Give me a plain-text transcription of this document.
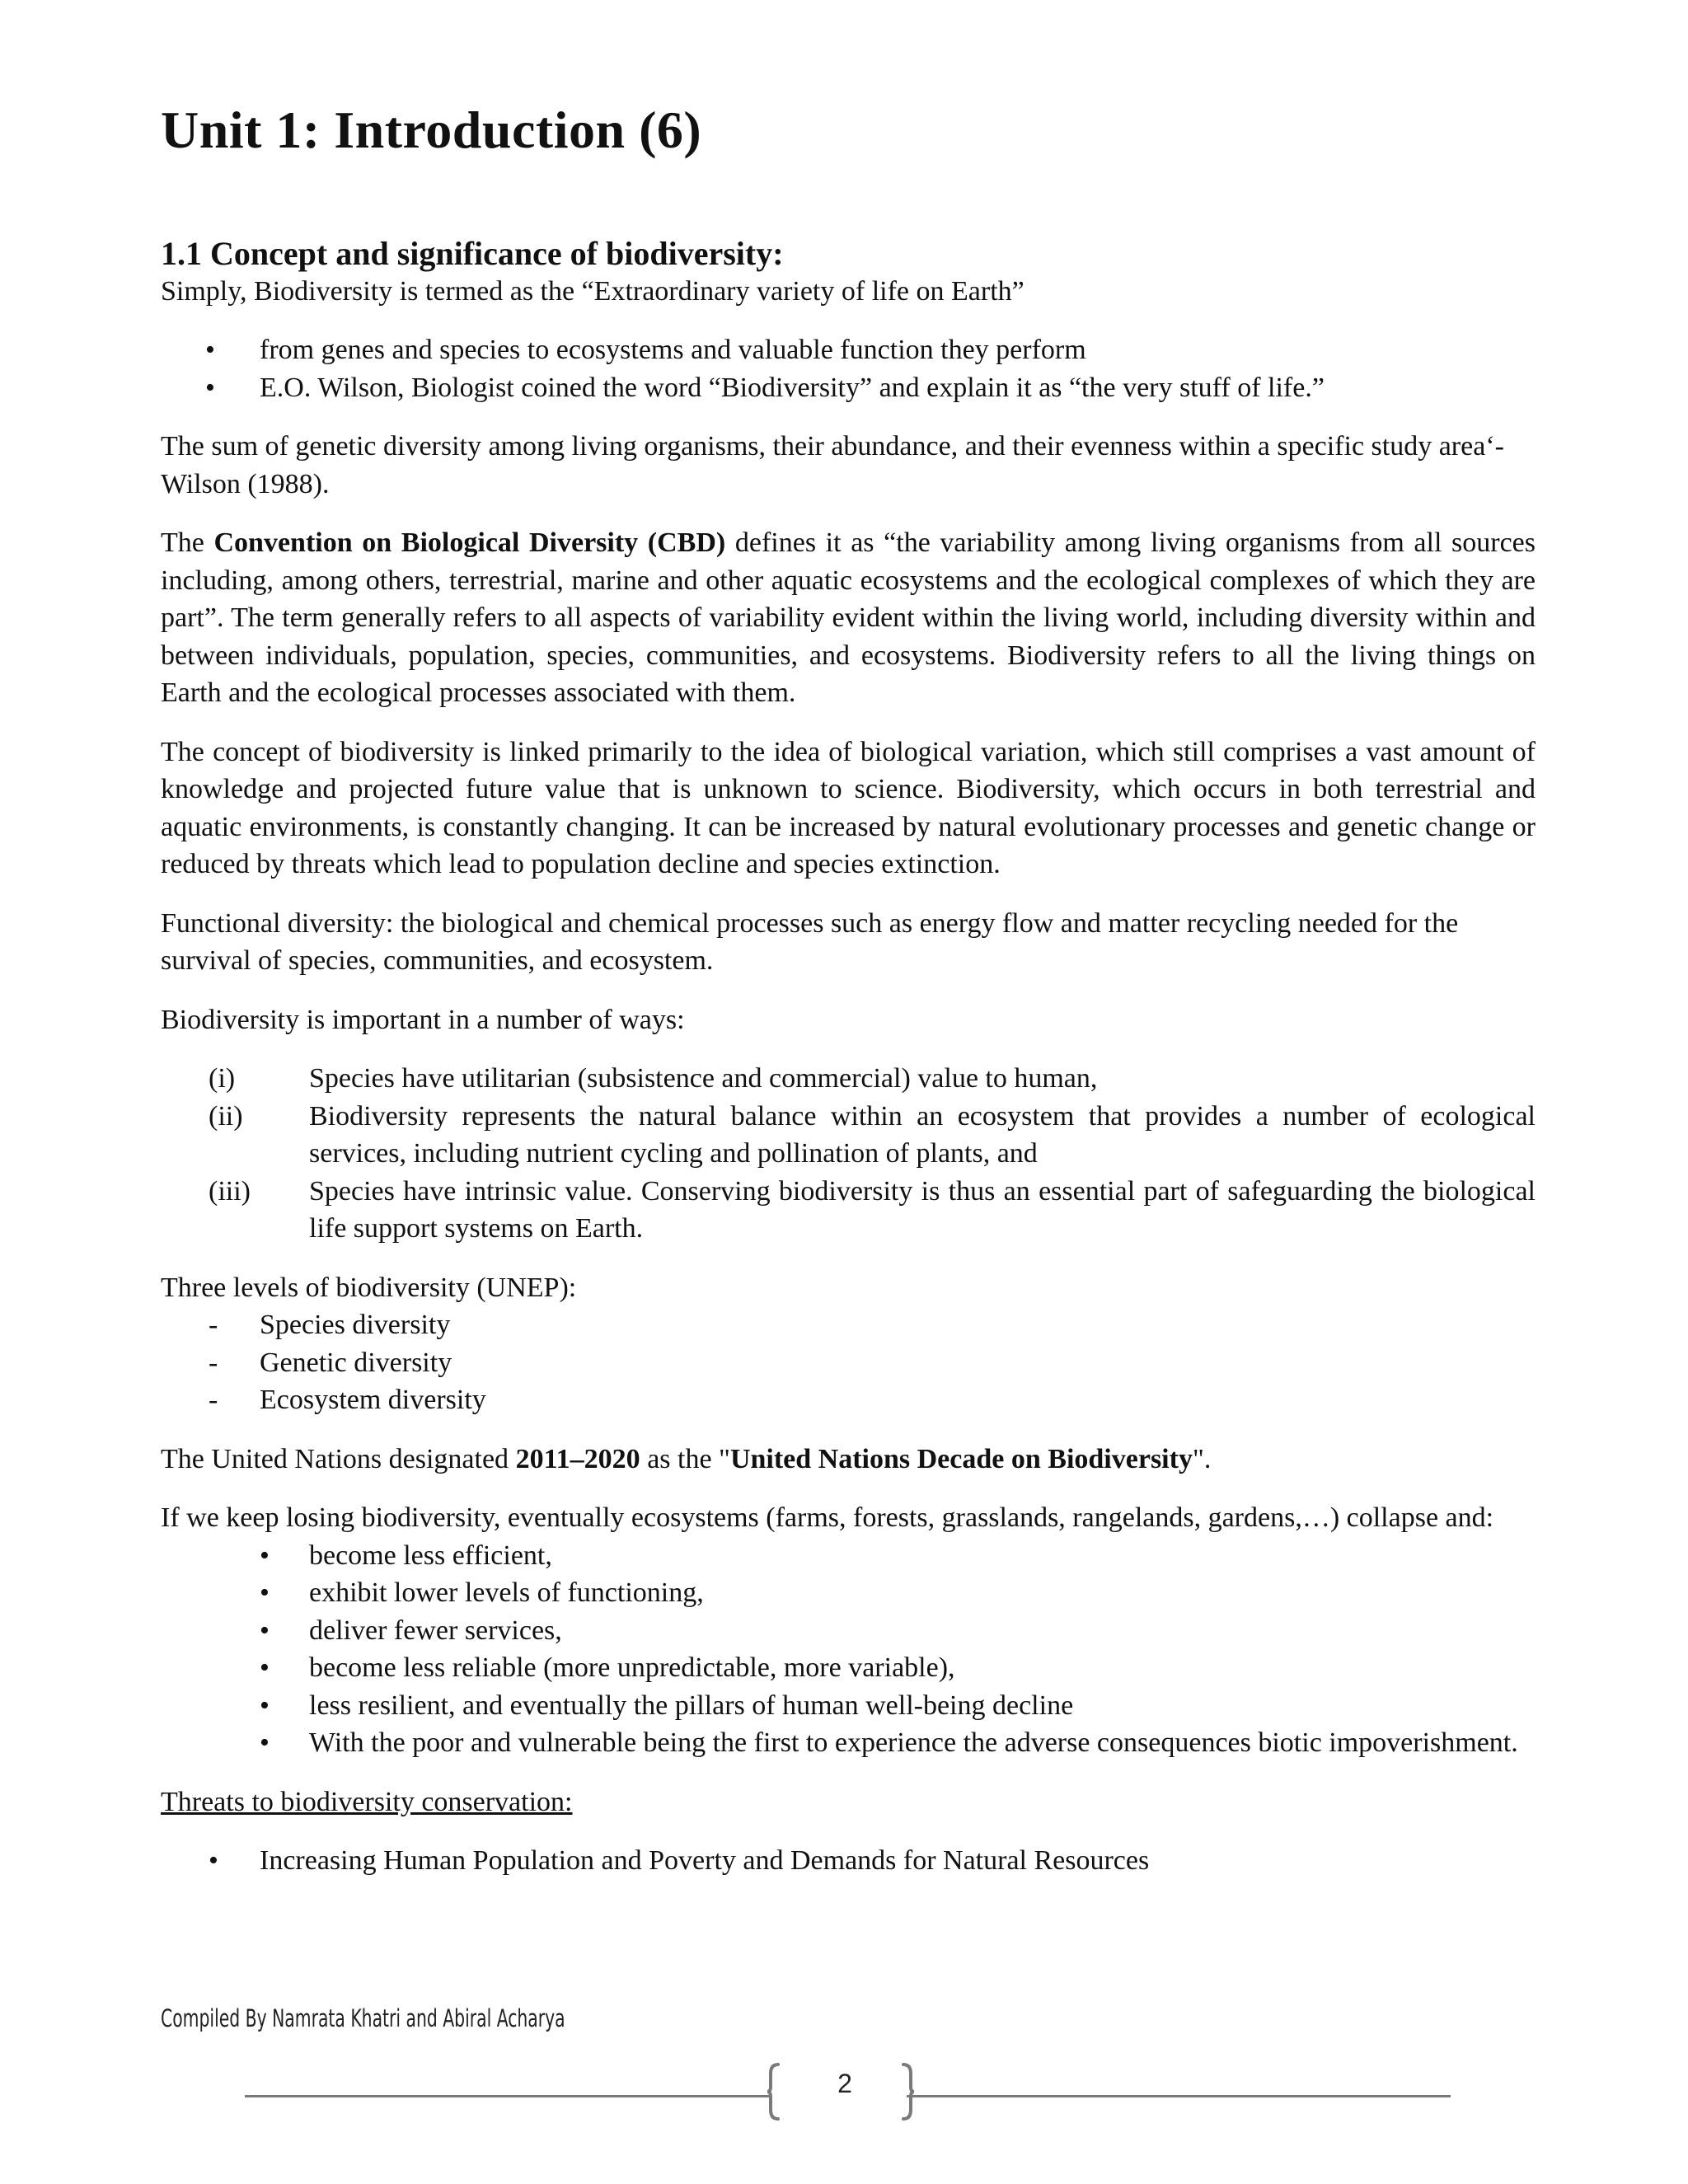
Unit 1: Introduction (6)
1.1 Concept and significance of biodiversity:

Simply, Biodiversity is termed as the “Extraordinary variety of life on Earth”

• from genes and species to ecosystems and valuable function they perform
• E.O. Wilson, Biologist coined the word “Biodiversity” and explain it as “the very stuff of life.”

The sum of genetic diversity among living organisms, their abundance, and their evenness within a specific study area‘-Wilson (1988).

The Convention on Biological Diversity (CBD) defines it as “the variability among living organisms from all sources including, among others, terrestrial, marine and other aquatic ecosystems and the ecological complexes of which they are part”. The term generally refers to all aspects of variability evident within the living world, including diversity within and between individuals, population, species, communities, and ecosystems. Biodiversity refers to all the living things on Earth and the ecological processes associated with them.

The concept of biodiversity is linked primarily to the idea of biological variation, which still comprises a vast amount of knowledge and projected future value that is unknown to science. Biodiversity, which occurs in both terrestrial and aquatic environments, is constantly changing. It can be increased by natural evolutionary processes and genetic change or reduced by threats which lead to population decline and species extinction.

Functional diversity: the biological and chemical processes such as energy flow and matter recycling needed for the survival of species, communities, and ecosystem.

Biodiversity is important in a number of ways:

(i)	Species have utilitarian (subsistence and commercial) value to human,
(ii) Biodiversity represents the natural balance within an ecosystem that provides a number of ecological services, including nutrient cycling and pollination of plants, and
(iii) Species have intrinsic value. Conserving biodiversity is thus an essential part of safeguarding the biological life support systems on Earth.

Three levels of biodiversity (UNEP):

- Species diversity
- Genetic diversity
- Ecosystem diversity

The United Nations designated 2011–2020 as the "United Nations Decade on Biodiversity".

If we keep losing biodiversity, eventually ecosystems (farms, forests, grasslands, rangelands, gardens,…) collapse and:

• become less efficient,
• exhibit lower levels of functioning,
• deliver fewer services,
• become less reliable (more unpredictable, more variable),
• less resilient, and eventually the pillars of human well-being decline
• With the poor and vulnerable being the first to experience the adverse consequences biotic impoverishment.

Threats to biodiversity conservation:

• Increasing Human Population and Poverty and Demands for Natural Resources
Compiled By Namrata Khatri and Abiral Acharya
2
